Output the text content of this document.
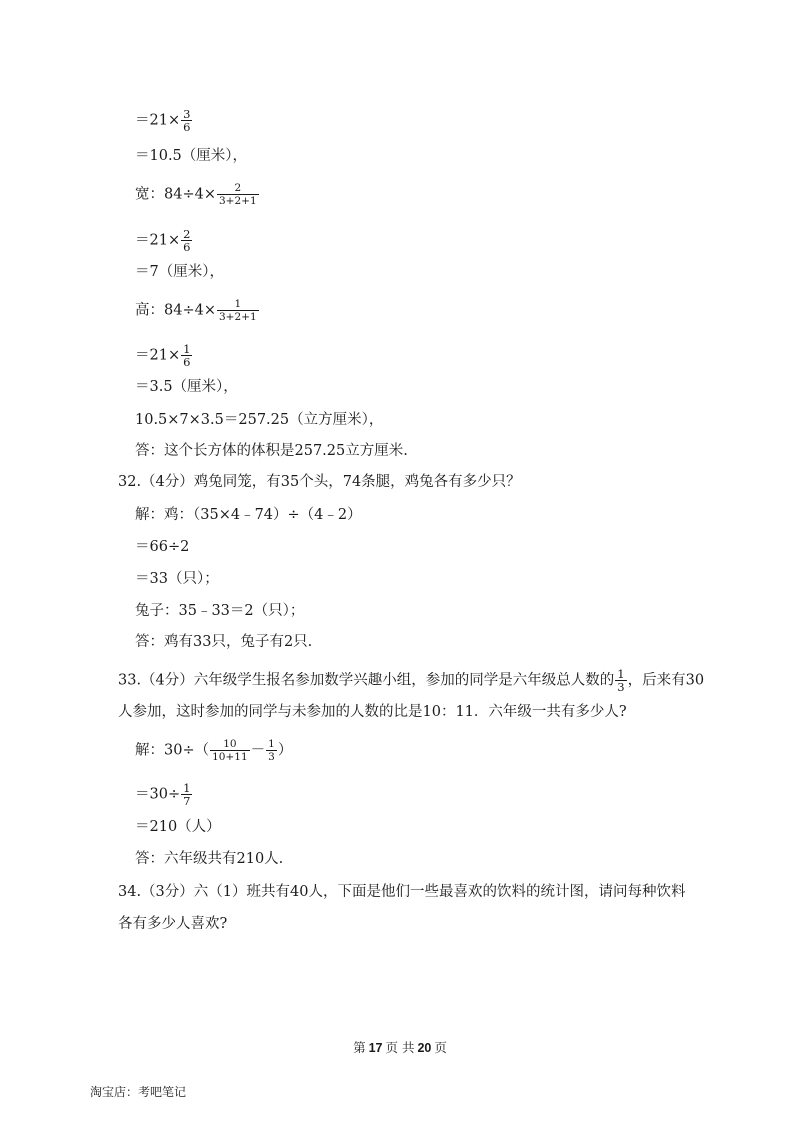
$=21\times \frac{3}{6}$
＝10.5（厘米），
宽：$84\div 4\times \frac{2}{3+2+1}$
$=21\times \frac{2}{6}$
＝7（厘米），
高：$84\div 4\times \frac{1}{3+2+1}$
$=21\times \frac{1}{6}$
＝3.5（厘米），
10.5×7×3.5＝257.25（立方厘米），
答：这个长方体的体积是257.25立方厘米.
32.（4分）鸡兔同笼，有35个头，74条腿，鸡兔各有多少只？
解：鸡：（35×4﹣74）÷（4﹣2）
＝66÷2
＝33（只）；
兔子：35﹣33＝2（只）；
答：鸡有33只，兔子有2只.
33.（4分）六年级学生报名参加数学兴趣小组，参加的同学是六年级总人数的 $\frac{1}{3}$ ，后来有30
人参加，这时参加的同学与未参加的人数的比是10：11．六年级一共有多少人?
解：$30\div( \frac{10}{10+11} - \frac{1}{3}$ ）
$=30\div \frac{1}{7}$
＝210（人）
答：六年级共有210人.
34.（3分）六（1）班共有40人，下面是他们一些最喜欢的饮料的统计图，请问每种饮料
各有多少人喜欢?
第 17 页 共 20 页
淘宝店：考吧笔记
